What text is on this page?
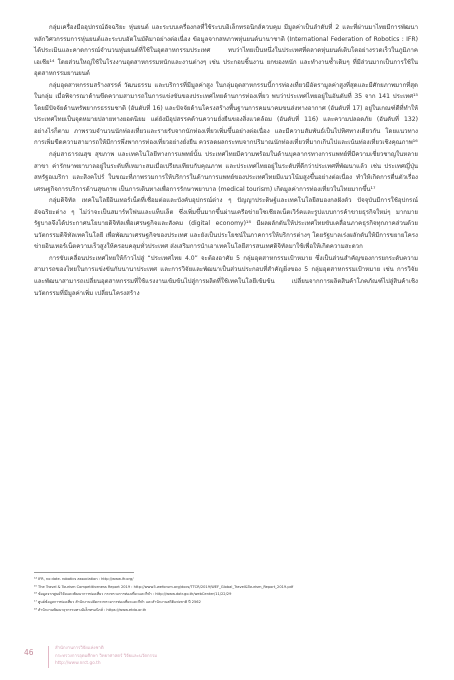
กลุ่มเครื่องมืออุปกรณ์อัจฉริยะ หุ่นยนต์ และระบบเครื่องกลที่ใช้ระบบอิเล็กทรอนิกส์ควบคุม มีมูลค่าเป็นลำดับที่ 2 และที่ผ่านมาไทยมีการพัฒนาหลักวิศวกรรมการหุ่นยนต์และระบบอัตโนมัติมาอย่างต่อเนื่อง ข้อมูลจากสหภาพหุ่นยนต์นานาชาติ (International Federation of Robotics : IFR) ได้ประเมินและคาดการณ์จำนวนหุ่นยนต์ที่ใช้ในอุตสาหกรรมประเทศ ทบว่าไทยเป็นหนึ่งในประเทศที่ตลาดหุ่นยนต์เติบโตอย่างรวดเร็วในภูมิภาคเอเชีย¹⁴ โดยส่วนใหญ่ใช้ในโรงงานอุตสาหกรรมหนักและงานต่างๆ เช่น ประกอบชิ้นงาน ยกของหนัก และทำงานซ้ำเดิมๆ ที่มีส่วนมากเป็นการใช้ในอุตสาหกรรมยานยนต์

กลุ่มอุตสาหกรรมสร้างสรรค์ วัฒนธรรม และบริการที่มีมูลค่าสูง ในกลุ่มอุตสาหกรรมนี้การท่องเที่ยวมีอัตรามูลค่าสูงที่สุดและมีศักยภาพมากที่สุดในกลุ่ม เมื่อพิจารณาด้านขีดความสามารถในการแข่งขันของประเทศไทยด้านการท่องเที่ยว พบว่าประเทศไทยอยู่ในอันดับที่ 35 จาก 141 ประเทศ¹⁵ โดยมีปัจจัยด้านทรัพยากรธรรมชาติ (อันดับที่ 16) และปัจจัยด้านโครงสร้างพื้นฐานการคมนาคมขนส่งทางอากาศ (อันดับที่ 17) อยู่ในเกณฑ์ดีที่ทำให้ประเทศไทยเป็นจุดหมายปลายทางยอดนิยม แต่ยังมีอุปสรรคด้านความยั่งยืนของสิ่งแวดล้อม (อันดับที่ 116) และความปลอดภัย (อันดับที่ 132) อย่างไรก็ตาม ภาพรวมจำนวนนักท่องเที่ยวและรายรับจากนักท่องเที่ยวเพิ่มขึ้นอย่างต่อเนื่อง และมีความสัมพันธ์เป็นไปทิศทางเดียวกัน โดยแนวทางการเพิ่มขีดความสามารถให้มีการพึ่งพาการท่องเที่ยวอย่างยั่งยืน ควรลดผลกระทบจากปริมาณนักท่องเที่ยวที่มากเกินไปและเน้นท่องเที่ยวเชิงคุณภาพ¹⁶

กลุ่มสาธารณสุข สุขภาพ และเทคโนโลยีทางการแพทย์นั้น ประเทศไทยมีความพร้อมในด้านบุคลากรทางการแพทย์ที่มีความเชี่ยวชาญในหลายสาขา ค่ารักษาพยาบาลอยู่ในระดับที่เหมาะสมเมื่อเปรียบเทียบกับคุณภาพ และประเทศไทยอยู่ในระดับที่ดีกว่าประเทศที่พัฒนาแล้ว เช่น ประเทศญี่ปุ่น สหรัฐอเมริกา และสิงคโปร์ ในขณะที่ภาพรวมการให้บริการในด้านการแพทย์ของประเทศไทยมีแนวโน้มสูงขึ้นอย่างต่อเนื่อง ทำให้เกิดการตื่นตัวเรื่องเศรษฐกิจการบริการด้านสุขภาพ เป็นการเดินทางเพื่อการรักษาพยาบาล (medical tourism) เกิดมูลค่าการท่องเที่ยวในไทยมากขึ้น¹⁷

กลุ่มดิจิทัล เทคโนโลยีอินเทอร์เน็ตที่เชื่อมต่อและบังคับอุปกรณ์ต่าง ๆ ปัญญาประดิษฐ์และเทคโนโลยีสมองกลฝังตัว ปัจจุบันมีการใช้อุปกรณ์อัจฉริยะต่าง ๆ ไม่ว่าจะเป็นสมาร์ทโฟนและแท็บเล็ต ซึ่งเพิ่มขึ้นมากขึ้นผ่านเครือข่ายโซเชียลเน็ตเวิร์คและรูปแบบการค้าขายธุรกิจใหม่ๆ มากมาย รัฐบาลจึงได้ประกาศนโยบายดิจิทัลเพื่อเศรษฐกิจและสังคม (digital economy)¹⁸ มีผลผลักดันให้ประเทศไทยขับเคลื่อนภาคธุรกิจทุกภาคส่วนด้วยนวัตกรรมดิจิทัลเทคโนโลยี เพื่อพัฒนาเศรษฐกิจของประเทศ และยังเป็นประโยชน์ในภาคการให้บริการต่างๆ โดยรัฐบาลเร่งผลักดันให้มีการขยายโครงข่ายอินเทอร์เน็ตความเร็วสูงให้ครอบคลุมทั่วประเทศ ส่งเสริมการนำเอาเทคโนโลยีสารสนเทศดิจิทัลมาใช้เพื่อให้เกิดความสะดวก

การขับเคลื่อนประเทศไทยให้ก้าวไปสู่ “ประเทศไทย 4.0” จะต้องอาศัย 5 กลุ่มอุตสาหกรรมเป้าหมาย ซึ่งเป็นส่วนสำคัญของการยกระดับความสามารถของไทยในการแข่งขันกับนานาประเทศ และการวิจัยและพัฒนาเป็นส่วนประกอบที่สำคัญยิ่งของ 5 กลุ่มอุตสาหกรรมเป้าหมาย เช่น การวิจัยและพัฒนาสามารถเปลี่ยนอุตสาหกรรมที่ใช้แรงงานเข้มข้นไปสู่การผลิตที่ใช้เทคโนโลยีเข้มข้น เปลี่ยนจากการผลิตสินค้าโภคภัณฑ์ไปสู่สินค้าเชิงนวัตกรรมที่มีมูลค่าเพิ่ม เปลี่ยนโครงสร้าง

¹⁴ IFR, no date. robotics association : http://www.ifr.org/
¹⁵ The Travel & Tourism Competitiveness Report 2019 : http://www3.weforum.org/docs/TTCR/2019/WEF_Global_Travel&Tourism_Report_2019.pdf
¹⁶ ข้อมูลจากศูนย์วิจัยและพัฒนาการท่องเที่ยว กระทรวงการท่องเที่ยวและกีฬา : http://www.dotr.go.th/webCenter/11/22/29
¹⁷ ศูนย์ข้อมูลการท่องเที่ยว สำนักงานปลัดกระทรวงการท่องเที่ยวและกีฬา และสำนักงานสถิติแห่งชาติ ปี 2562
¹⁸ สำนักงานพัฒนาธุรกรรมทางอิเล็กทรอนิกส์ : https://www.etda.or.th
46	สำนักงานการวิจัยแห่งชาติ
กระทรวงการอุดมศึกษา วิทยาศาสตร์ วิจัยและนวัตกรรม
http://www.nrct.go.th
